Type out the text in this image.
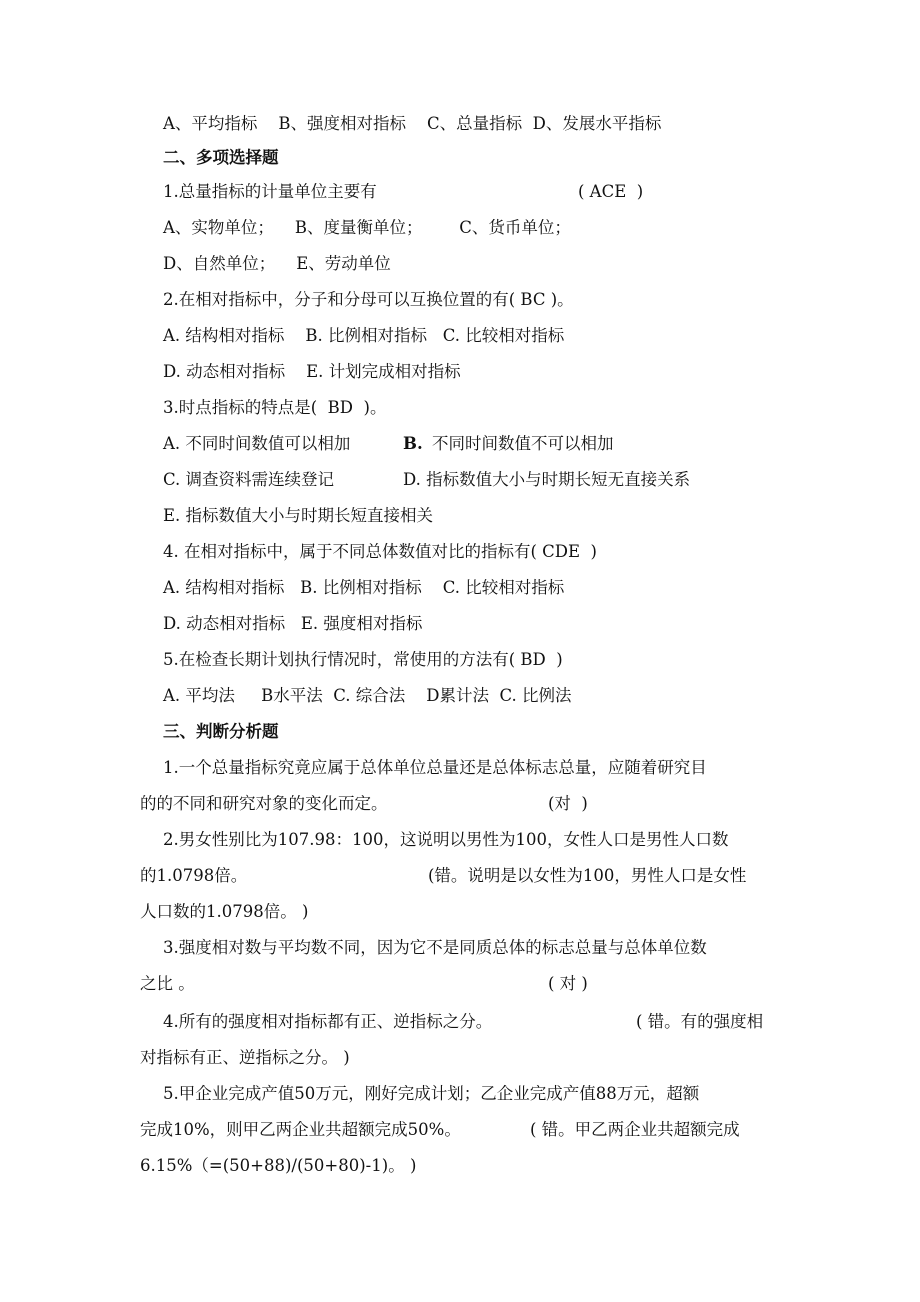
A、平均指标    B、强度相对指标    C、总量指标  D、发展水平指标
二、多项选择题
1.总量指标的计量单位主要有	( ACE  )
A、实物单位；    B、度量衡单位；       C、货币单位；
D、自然单位；    E、劳动单位
2.在相对指标中，分子和分母可以互换位置的有( BC )。
A. 结构相对指标    B. 比例相对指标   C. 比较相对指标
D. 动态相对指标    E. 计划完成相对指标
3.时点指标的特点是(  BD  )。
A. 不同时间数值可以相加	B. 不同时间数值不可以相加
C. 调查资料需连续登记	D. 指标数值大小与时期长短无直接关系
E. 指标数值大小与时期长短直接相关
4. 在相对指标中，属于不同总体数值对比的指标有( CDE  )
A. 结构相对指标   B. 比例相对指标    C. 比较相对指标
D. 动态相对指标   E. 强度相对指标
5.在检查长期计划执行情况时，常使用的方法有( BD  )
A. 平均法     B水平法  C. 综合法    D累计法  C. 比例法
三、判断分析题
1.一个总量指标究竟应属于总体单位总量还是总体标志总量，应随着研究目
的的不同和研究对象的变化而定。	(对  )
2.男女性别比为107.98：100，这说明以男性为100，女性人口是男性人口数
的1.0798倍。	(错。说明是以女性为100，男性人口是女性
人口数的1.0798倍。 )
3.强度相对数与平均数不同，因为它不是同质总体的标志总量与总体单位数
之比 。	( 对 )
4.所有的强度相对指标都有正、逆指标之分。	( 错。有的强度相
对指标有正、逆指标之分。 )
5.甲企业完成产值50万元，刚好完成计划；乙企业完成产值88万元，超额
完成10%，则甲乙两企业共超额完成50%。	( 错。甲乙两企业共超额完成
6.15%（=(50+88)/(50+80)-1)。 )
